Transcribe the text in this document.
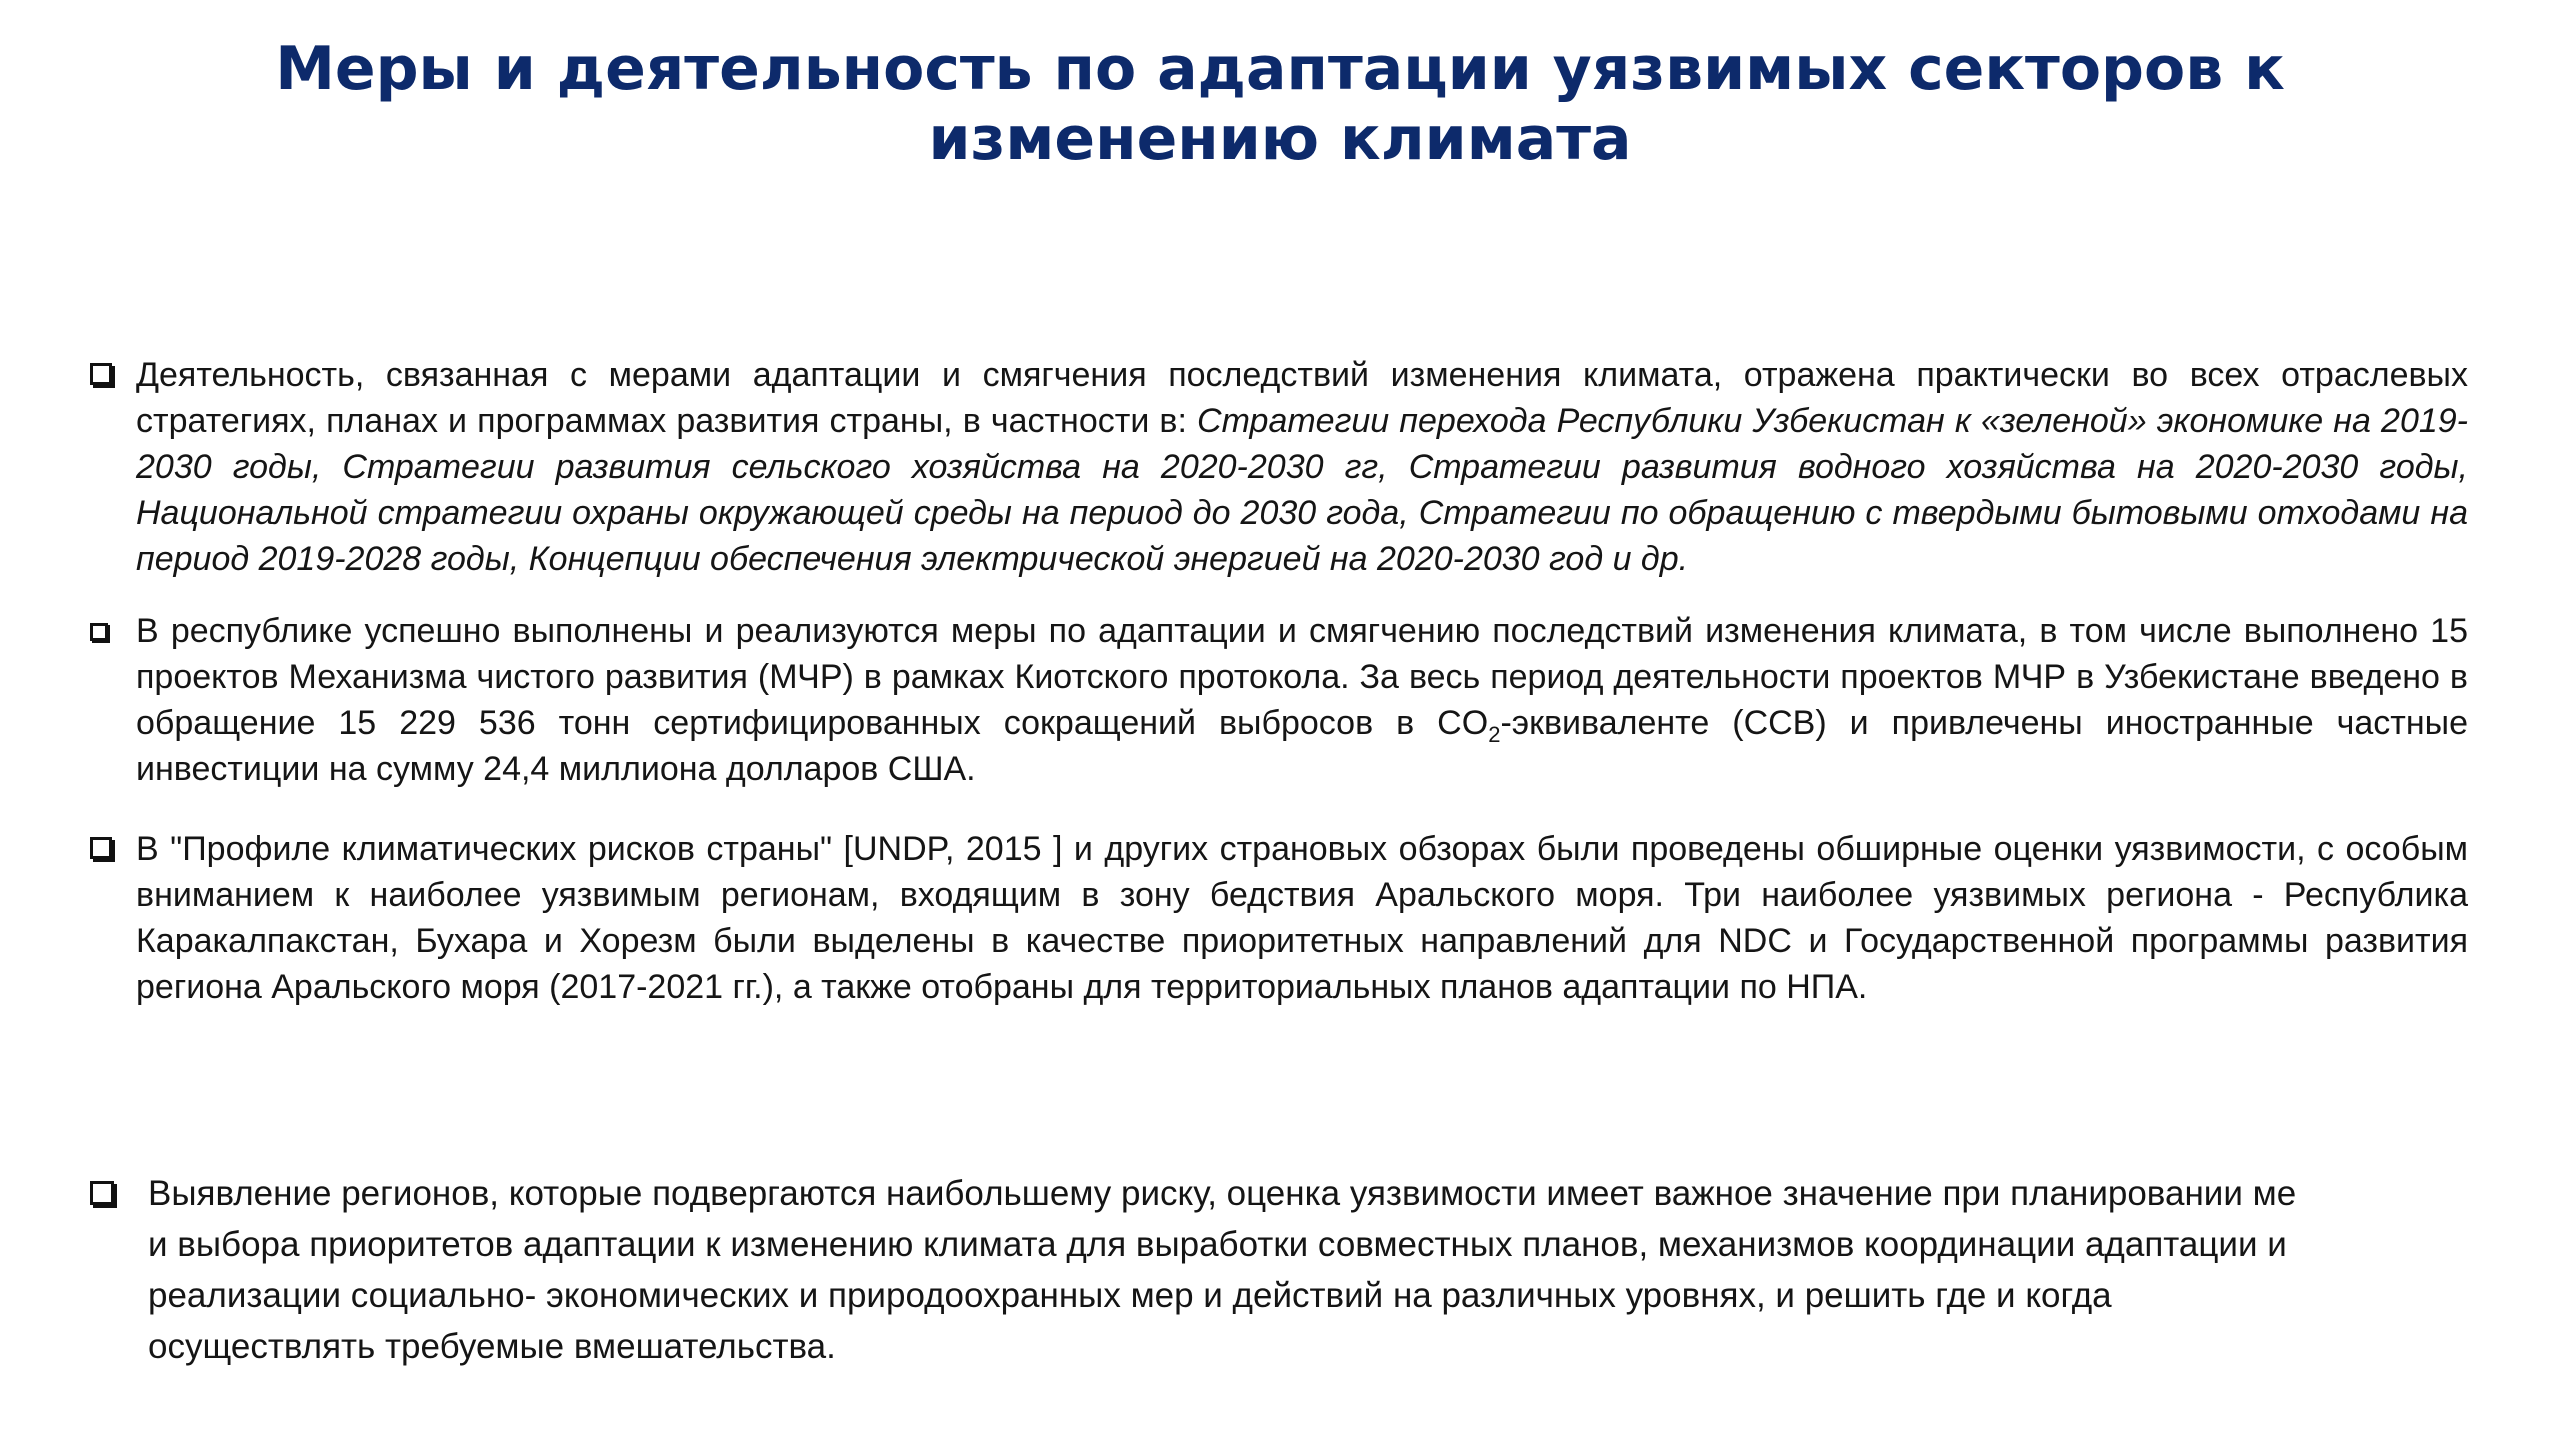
Меры и деятельность по адаптации уязвимых секторов к
изменению климата
Деятельность, связанная с мерами адаптации и смягчения последствий изменения климата, отражена практически во всех отраслевых стратегиях, планах и программах развития страны, в частности в: Стратегии перехода Республики Узбекистан к «зеленой» экономике на 2019-2030 годы, Стратегии развития сельского хозяйства на 2020-2030 гг, Стратегии развития водного хозяйства на 2020-2030 годы, Национальной стратегии охраны окружающей среды на период до 2030 года, Стратегии по обращению с твердыми бытовыми отходами на период 2019-2028 годы, Концепции обеспечения электрической энергией на 2020-2030 год и др.
В республике успешно выполнены и реализуются меры по адаптации и смягчению последствий изменения климата, в том числе выполнено 15 проектов Механизма чистого развития (МЧР) в рамках Киотского протокола. За весь период деятельности проектов МЧР в Узбекистане введено в обращение 15 229 536 тонн сертифицированных сокращений выбросов в $CO_2$-эквиваленте (ССВ) и привлечены иностранные частные инвестиции на сумму 24,4 миллиона долларов США.
В "Профиле климатических рисков страны" [UNDP, 2015 ] и других страновых обзорах были проведены обширные оценки уязвимости, с особым вниманием к наиболее уязвимым регионам, входящим в зону бедствия Аральского моря. Три наиболее уязвимых региона - Республика Каракалпакстан, Бухара и Хорезм были выделены в качестве приоритетных направлений для NDC и Государственной программы развития региона Аральского моря (2017-2021 гг.), а также отобраны для территориальных планов адаптации по НПА.
Выявление регионов, которые подвергаются наибольшему риску, оценка уязвимости имеет важное значение при планировании ме
и выбора приоритетов адаптации к изменению климата для выработки совместных планов, механизмов координации адаптации и
реализации социально- экономических и природоохранных мер и действий на различных уровнях, и решить где и когда
осуществлять требуемые вмешательства.
